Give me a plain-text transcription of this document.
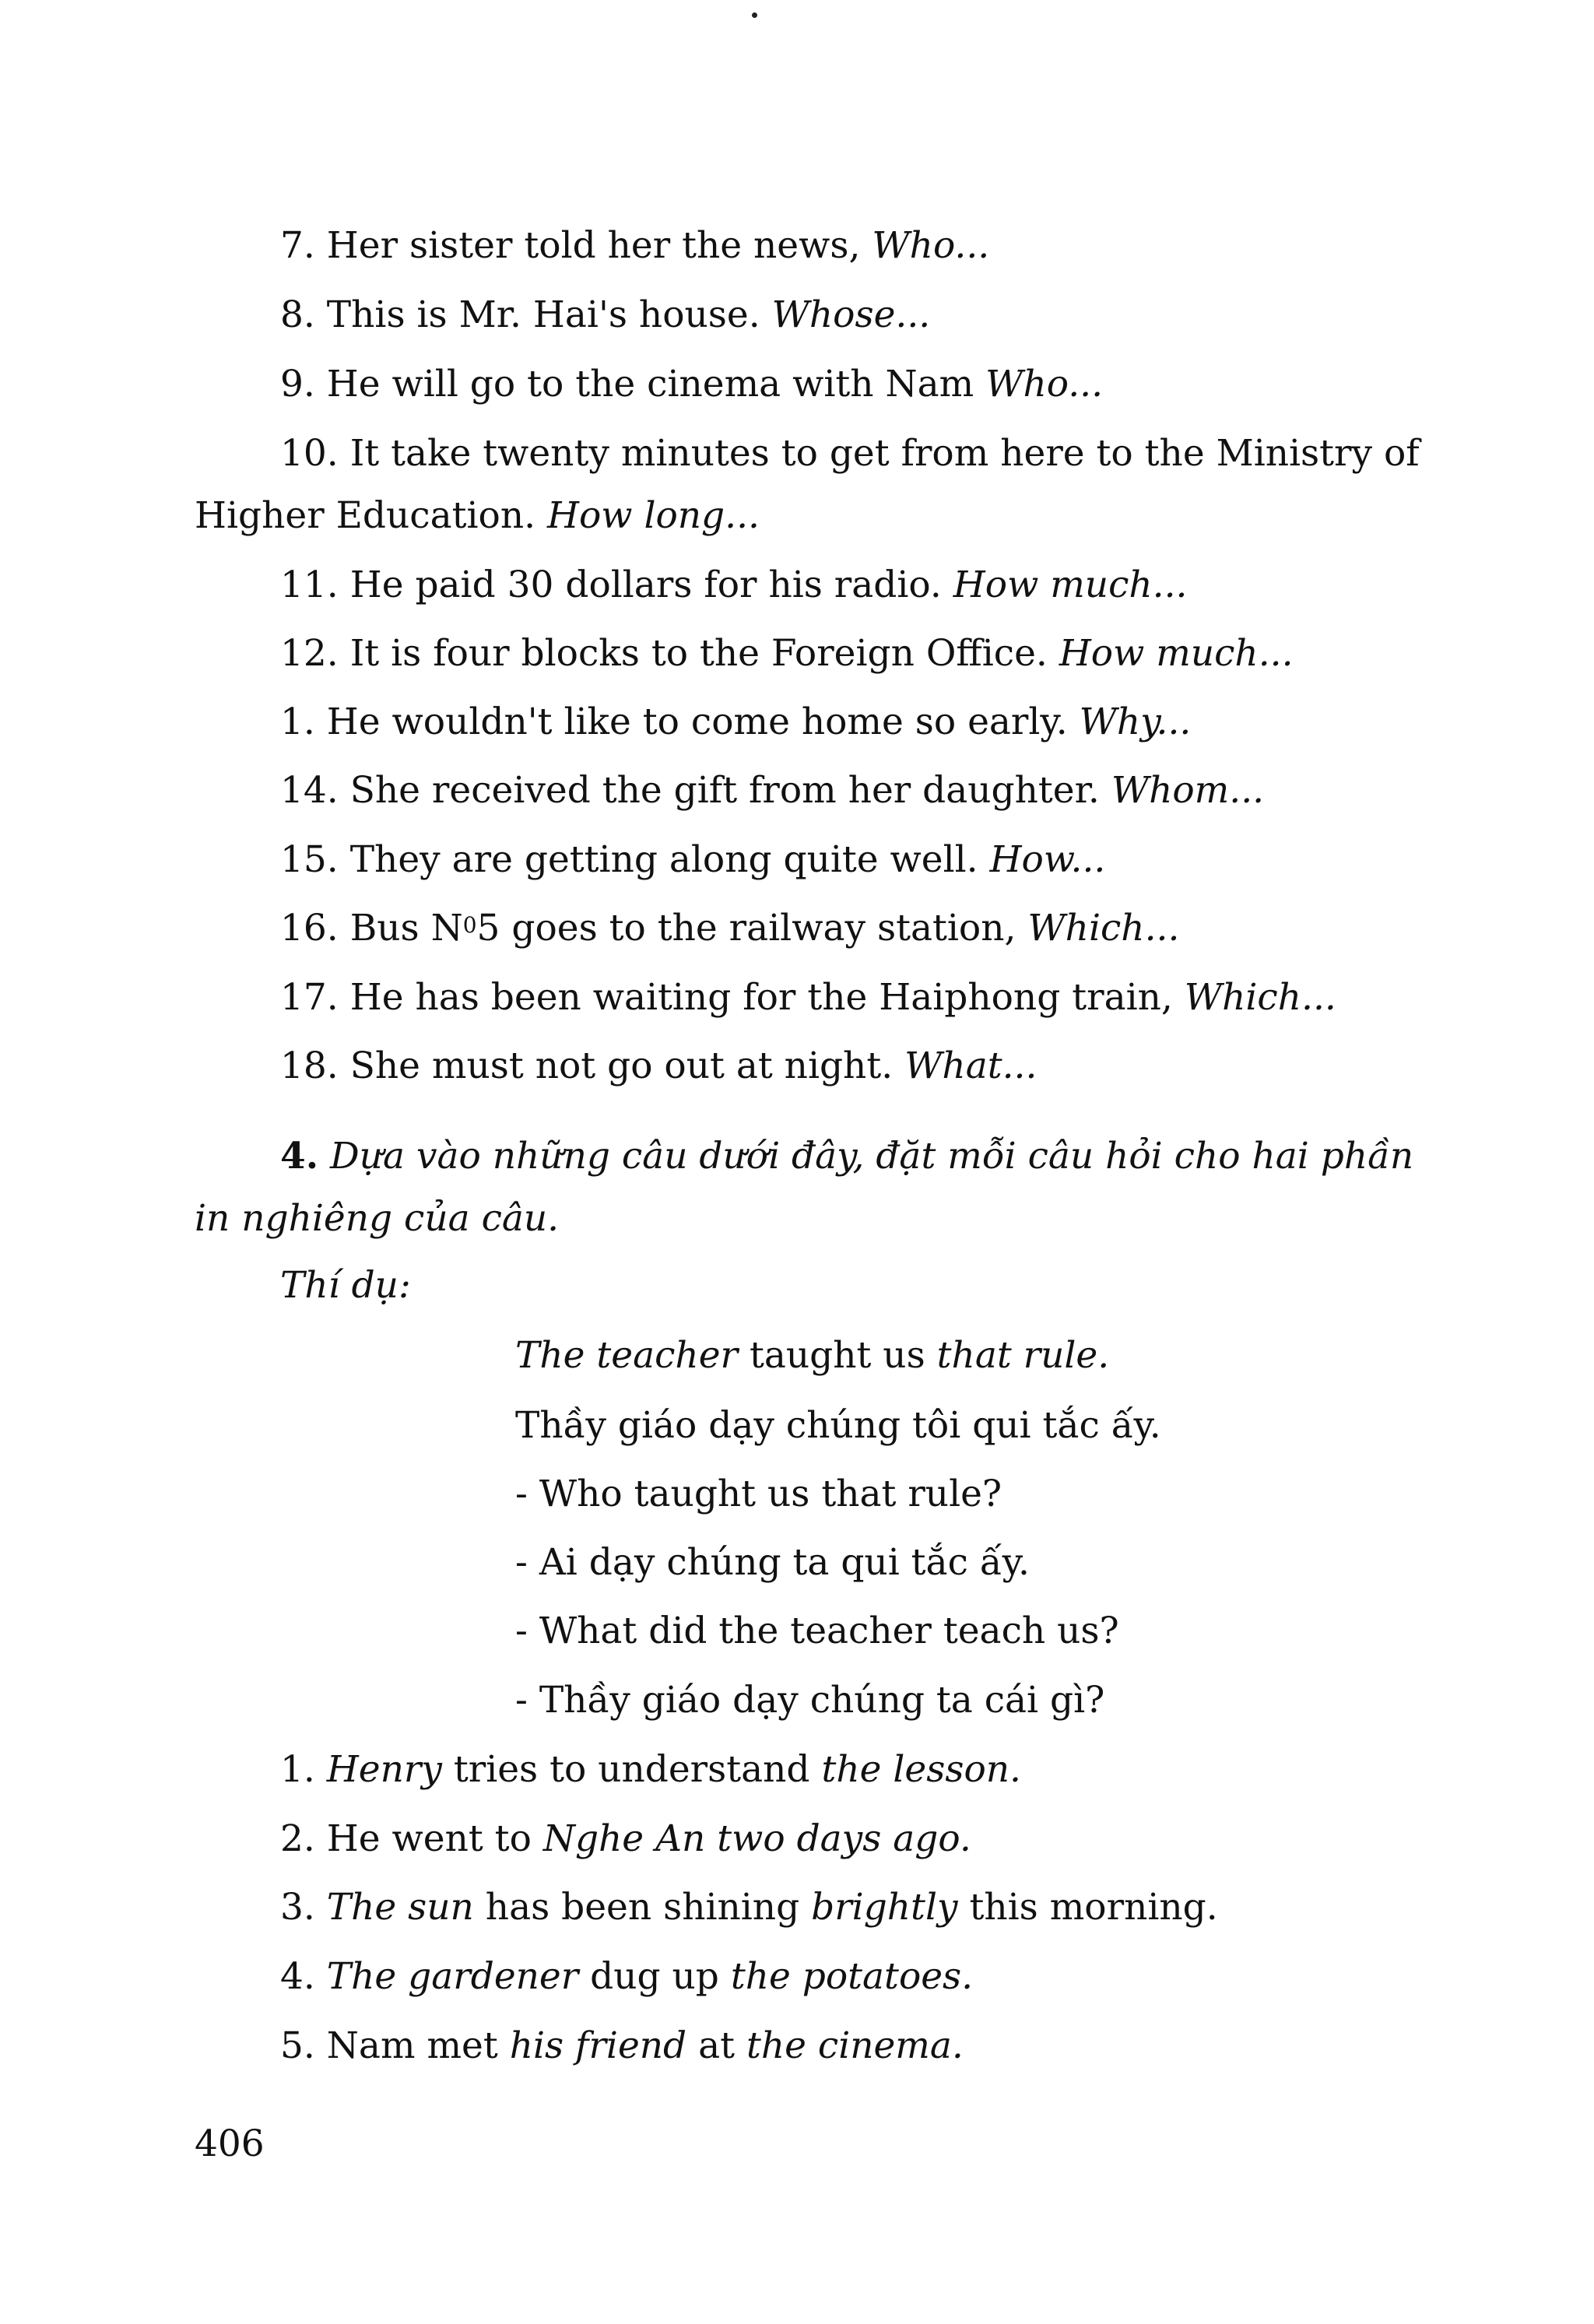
7. Her sister told her the news, Who...
8. This is Mr. Hai's house. Whose...
9. He will go to the cinema with Nam Who...
10. It take twenty minutes to get from here to the Ministry of
Higher Education. How long...
11. He paid 30 dollars for his radio. How much...
12. It is four blocks to the Foreign Office. How much...
1. He wouldn't like to come home so early. Why...
14. She received the gift from her daughter. Whom...
15. They are getting along quite well. How...
16. Bus $N^05$ goes to the railway station, Which...
17. He has been waiting for the Haiphong train, Which...
18. She must not go out at night. What...
4. Dựa vào những câu dưới đây, đặt mỗi câu hỏi cho hai phần
in nghiêng của câu.
Thí dụ:
The teacher taught us that rule.
Thầy giáo dạy chúng tôi qui tắc ấy.
- Who taught us that rule?
- Ai dạy chúng ta qui tắc ấy.
- What did the teacher teach us?
- Thầy giáo dạy chúng ta cái gì?
1. Henry tries to understand the lesson.
2. He went to Nghe An two days ago.
3. The sun has been shining brightly this morning.
4. The gardener dug up the potatoes.
5. Nam met his friend at the cinema.
406
